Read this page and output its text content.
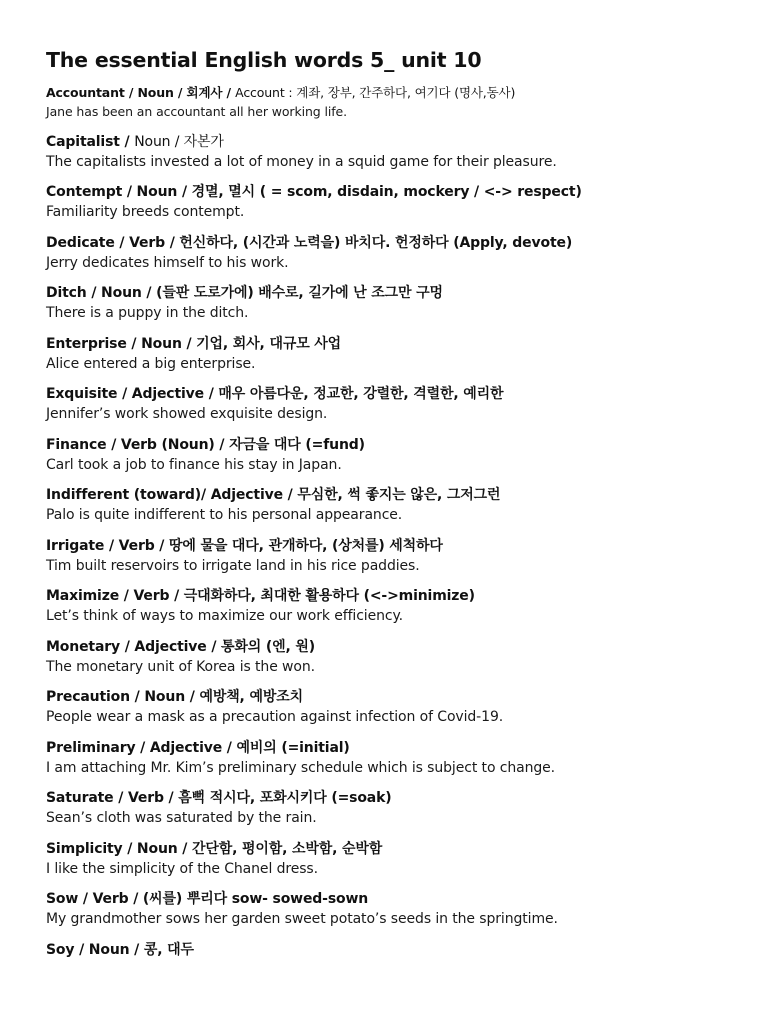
The essential English words 5_ unit 10
Accountant / Noun / 회계사 / Account : 계좌, 장부, 간주하다, 여기다 (명사,동사)
Jane has been an accountant all her working life.
Capitalist / Noun / 자본가
The capitalists invested a lot of money in a squid game for their pleasure.
Contempt / Noun / 경멸, 멸시 ( = scom, disdain, mockery / <-> respect)
Familiarity breeds contempt.
Dedicate / Verb / 헌신하다, (시간과 노력을) 바치다. 헌정하다 (Apply, devote)
Jerry dedicates himself to his work.
Ditch / Noun / (들판 도로가에) 배수로, 길가에 난 조그만 구멍
There is a puppy in the ditch.
Enterprise / Noun / 기업, 회사, 대규모 사업
Alice entered a big enterprise.
Exquisite / Adjective / 매우 아름다운, 정교한, 강렬한, 격렬한, 예리한
Jennifer’s work showed exquisite design.
Finance / Verb (Noun) / 자금을 대다 (=fund)
Carl took a job to finance his stay in Japan.
Indifferent (toward)/ Adjective / 무심한, 썩 좋지는 않은, 그저그런
Palo is quite indifferent to his personal appearance.
Irrigate / Verb / 땅에 물을 대다, 관개하다, (상처를) 세척하다
Tim built reservoirs to irrigate land in his rice paddies.
Maximize / Verb / 극대화하다, 최대한 활용하다 (<->minimize)
Let’s think of ways to maximize our work efficiency.
Monetary / Adjective / 통화의 (엔, 원)
The monetary unit of Korea is the won.
Precaution / Noun / 예방책, 예방조치
People wear a mask as a precaution against infection of Covid-19.
Preliminary / Adjective / 예비의 (=initial)
I am attaching Mr. Kim’s preliminary schedule which is subject to change.
Saturate / Verb / 흠뻑 적시다, 포화시키다 (=soak)
Sean’s cloth was saturated by the rain.
Simplicity / Noun / 간단함, 평이함, 소박함, 순박함
I like the simplicity of the Chanel dress.
Sow / Verb / (씨를) 뿌리다 sow- sowed-sown
My grandmother sows her garden sweet potato’s seeds in the springtime.
Soy / Noun / 콩, 대두
